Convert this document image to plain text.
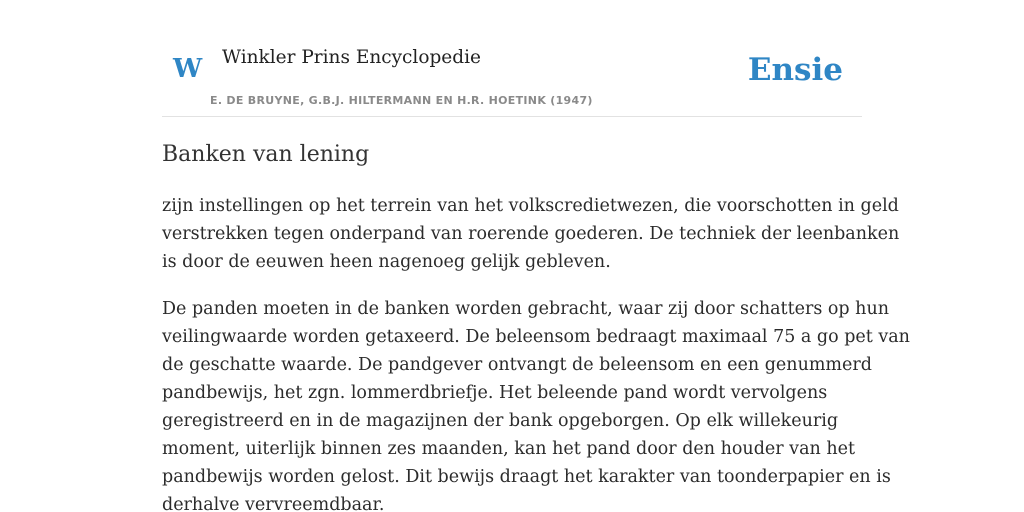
W Winkler Prins Encyclopedie
E. DE BRUYNE, G.B.J. HILTERMANN EN H.R. HOETINK (1947)
Ensie
Banken van lening

zijn instellingen op het terrein van het volkscredietwezen, die voorschotten in geld
verstrekken tegen onderpand van roerende goederen. De techniek der leenbanken
is door de eeuwen heen nagenoeg gelijk gebleven.

De panden moeten in de banken worden gebracht, waar zij door schatters op hun
veilingwaarde worden getaxeerd. De beleensom bedraagt maximaal 75 a go pet van
de geschatte waarde. De pandgever ontvangt de beleensom en een genummerd
pandbewijs, het zgn. lommerdbriefje. Het beleende pand wordt vervolgens
geregistreerd en in de magazijnen der bank opgeborgen. Op elk willekeurig
moment, uiterlijk binnen zes maanden, kan het pand door den houder van het
pandbewijs worden gelost. Dit bewijs draagt het karakter van toonderpapier en is
derhalve vervreemdbaar.
